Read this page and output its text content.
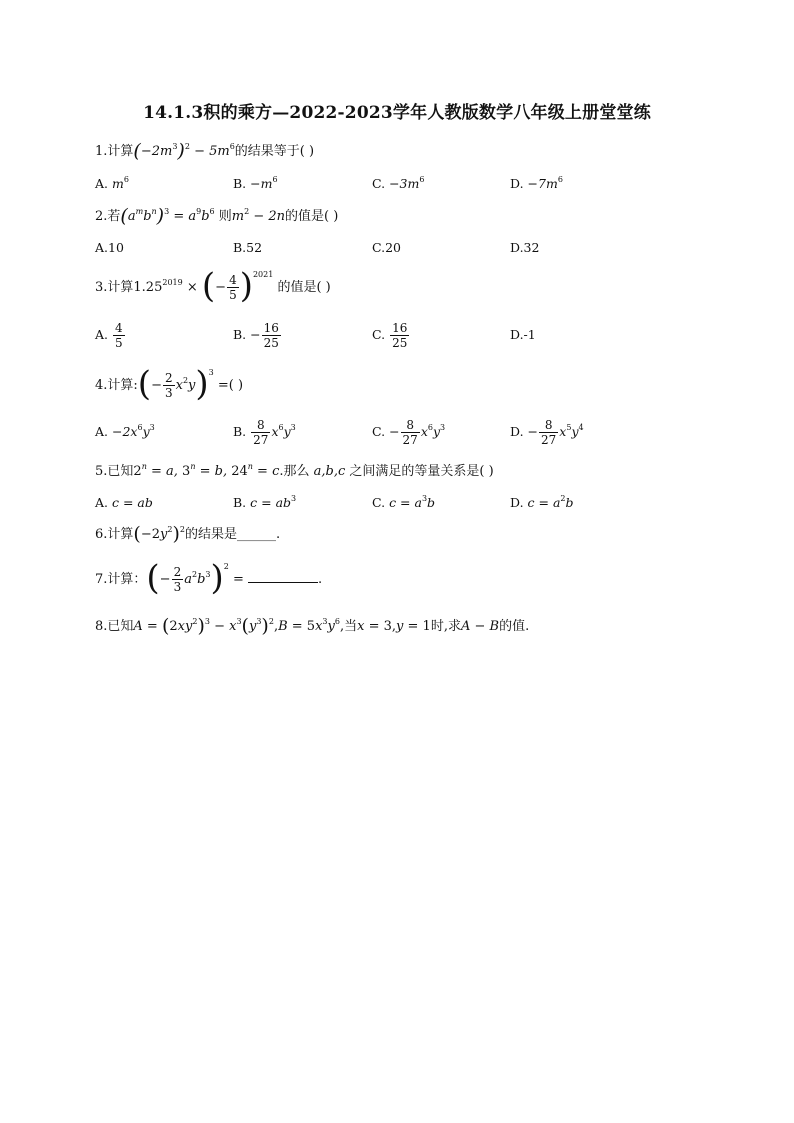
14.1.3积的乘方—2022-2023学年人教版数学八年级上册堂堂练
1.计算$(-2m^3)^2 - 5m^6$的结果等于( )
A. $m^6$	B. $-m^6$	C. $-3m^6$	D. $-7m^6$
2.若$(a^mb^n)^3 = a^9b^6$ 则$m^2 - 2n$的值是( )
A.10	B.52	C.20	D.32
3.计算$1.25^{2019}$ × (− $\frac{4}{5} )^{2021}$ 的值是( )
A. $\frac{4}{5}$	B. − $\frac{16}{25}$	C. $\frac{16}{25}$	D.-1
4.计算:(− $\frac{2}{3} x^2y)^3$ =( )
A. $-2x^6y^3$	B. $\frac{8}{27} x^6y^3$	C. − $\frac{8}{27} x^6y^3$	D. − $\frac{8}{27} x^5y^4$
5.已知$2^n = a$, $3^n = b$, $24^n = c$.那么 a,b,c 之间满足的等量关系是( )
A. c = ab	B. $c = ab^3$	C. $c = a^3b$	D. $c = a^2b$
6.计算$(-2y^2)^2$的结果是______.
7.计算：(− $\frac{2}{3} a^2b^3)^2$ =	.
8.已知$A = (2xy^2)^3 - x^3(y^3)^2,B = 5x^3y^6$,当x = 3,y = 1时,求A − B的值.
